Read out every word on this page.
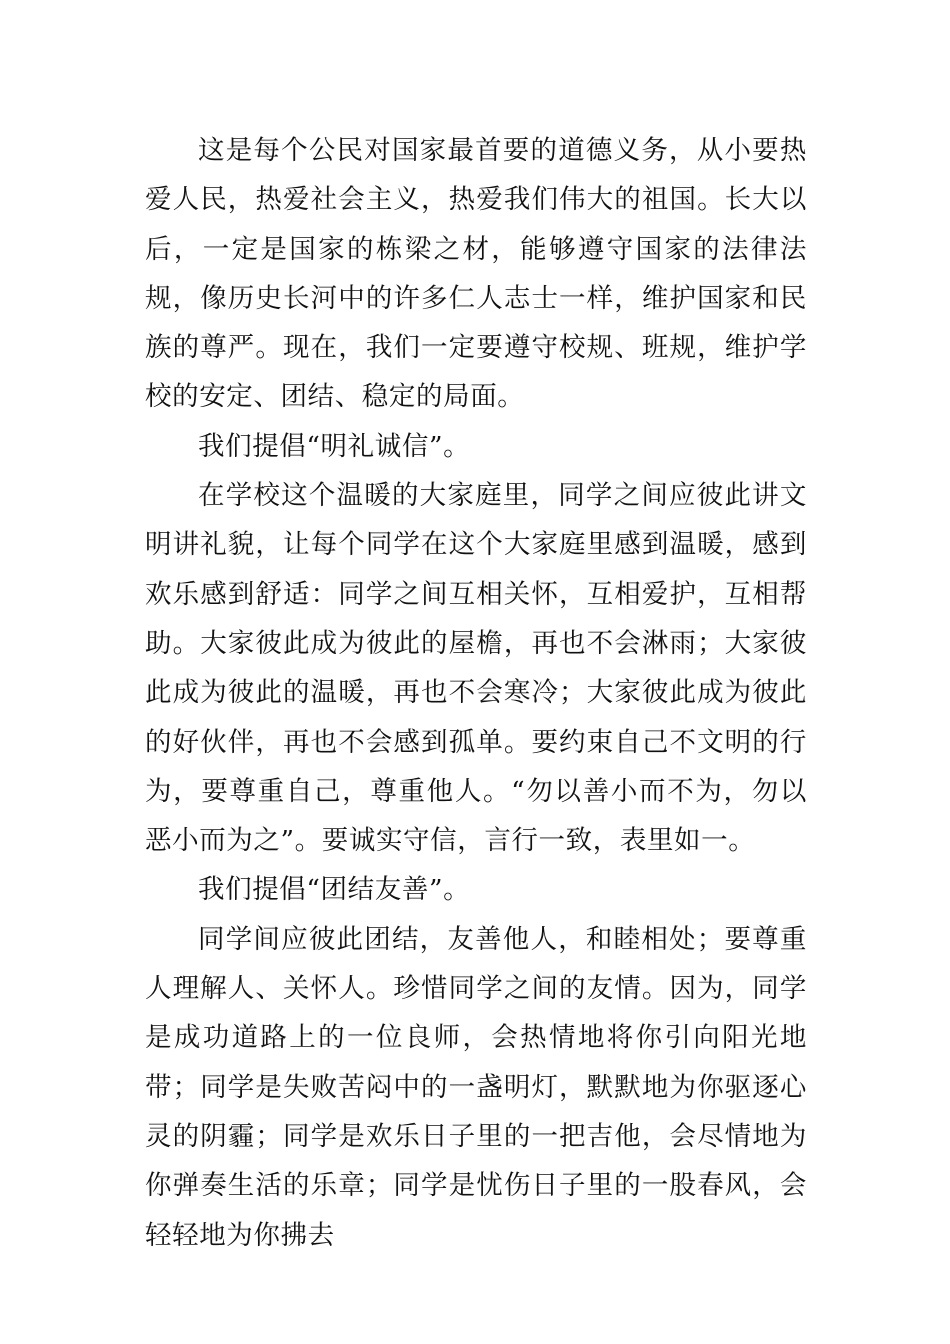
这是每个公民对国家最首要的道德义务，从小要热爱人民，热爱社会主义，热爱我们伟大的祖国。长大以后，一定是国家的栋梁之材，能够遵守国家的法律法规，像历史长河中的许多仁人志士一样，维护国家和民族的尊严。现在，我们一定要遵守校规、班规，维护学校的安定、团结、稳定的局面。

我们提倡“明礼诚信”。

在学校这个温暖的大家庭里，同学之间应彼此讲文明讲礼貌，让每个同学在这个大家庭里感到温暖，感到欢乐感到舒适：同学之间互相关怀，互相爱护，互相帮助。大家彼此成为彼此的屋檐，再也不会淋雨；大家彼此成为彼此的温暖，再也不会寒冷；大家彼此成为彼此的好伙伴，再也不会感到孤单。要约束自己不文明的行为，要尊重自己，尊重他人。“勿以善小而不为，勿以恶小而为之”。要诚实守信，言行一致，表里如一。

我们提倡“团结友善”。

同学间应彼此团结，友善他人，和睦相处；要尊重人理解人、关怀人。珍惜同学之间的友情。因为，同学是成功道路上的一位良师，会热情地将你引向阳光地带；同学是失败苦闷中的一盏明灯，默默地为你驱逐心灵的阴霾；同学是欢乐日子里的一把吉他，会尽情地为你弹奏生活的乐章；同学是忧伤日子里的一股春风，会轻轻地为你拂去
